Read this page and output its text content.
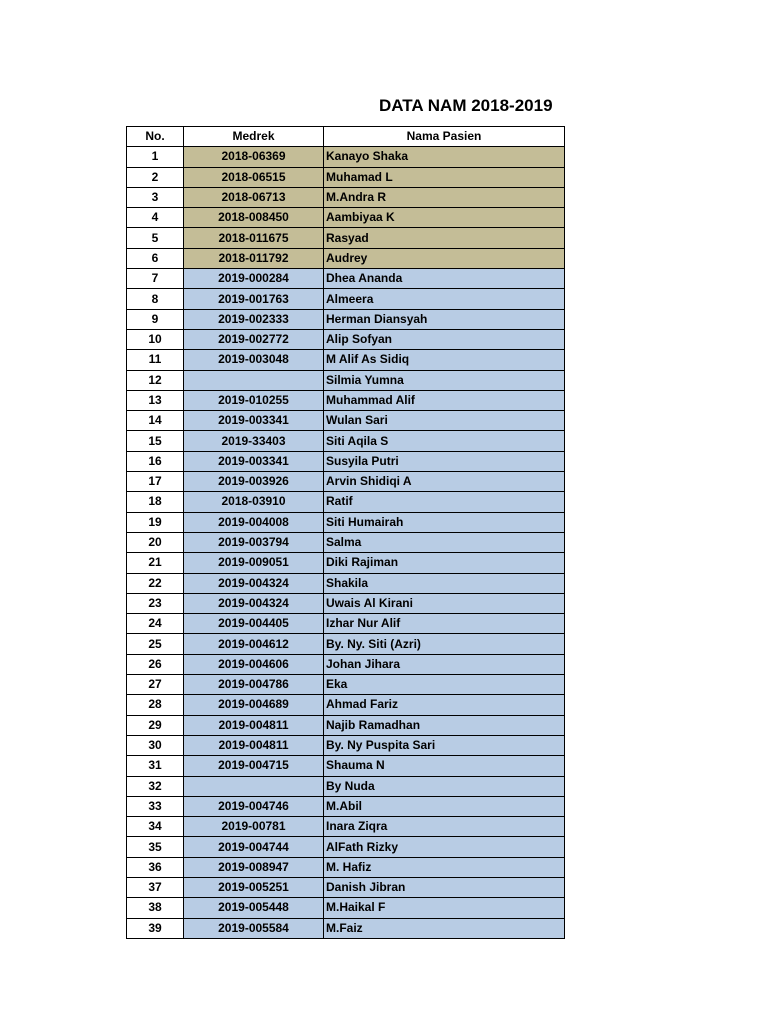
DATA NAM 2018-2019
No.	Medrek	Nama Pasien
1	2018-06369	Kanayo Shaka
2	2018-06515	Muhamad L
3	2018-06713	M.Andra R
4	2018-008450	Aambiyaa K
5	2018-011675	Rasyad
6	2018-011792	Audrey
7	2019-000284	Dhea Ananda
8	2019-001763	Almeera
9	2019-002333	Herman Diansyah
10	2019-002772	Alip Sofyan
11	2019-003048	M Alif As Sidiq
12		Silmia Yumna
13	2019-010255	Muhammad Alif
14	2019-003341	Wulan Sari
15	2019-33403	Siti Aqila S
16	2019-003341	Susyila Putri
17	2019-003926	Arvin Shidiqi A
18	2018-03910	Ratif
19	2019-004008	Siti Humairah
20	2019-003794	Salma
21	2019-009051	Diki Rajiman
22	2019-004324	Shakila
23	2019-004324	Uwais Al Kirani
24	2019-004405	Izhar Nur Alif
25	2019-004612	By. Ny. Siti (Azri)
26	2019-004606	Johan Jihara
27	2019-004786	Eka
28	2019-004689	Ahmad Fariz
29	2019-004811	Najib Ramadhan
30	2019-004811	By. Ny Puspita Sari
31	2019-004715	Shauma N
32		By Nuda
33	2019-004746	M.Abil
34	2019-00781	Inara Ziqra
35	2019-004744	AlFath Rizky
36	2019-008947	M. Hafiz
37	2019-005251	Danish Jibran
38	2019-005448	M.Haikal F
39	2019-005584	M.Faiz
